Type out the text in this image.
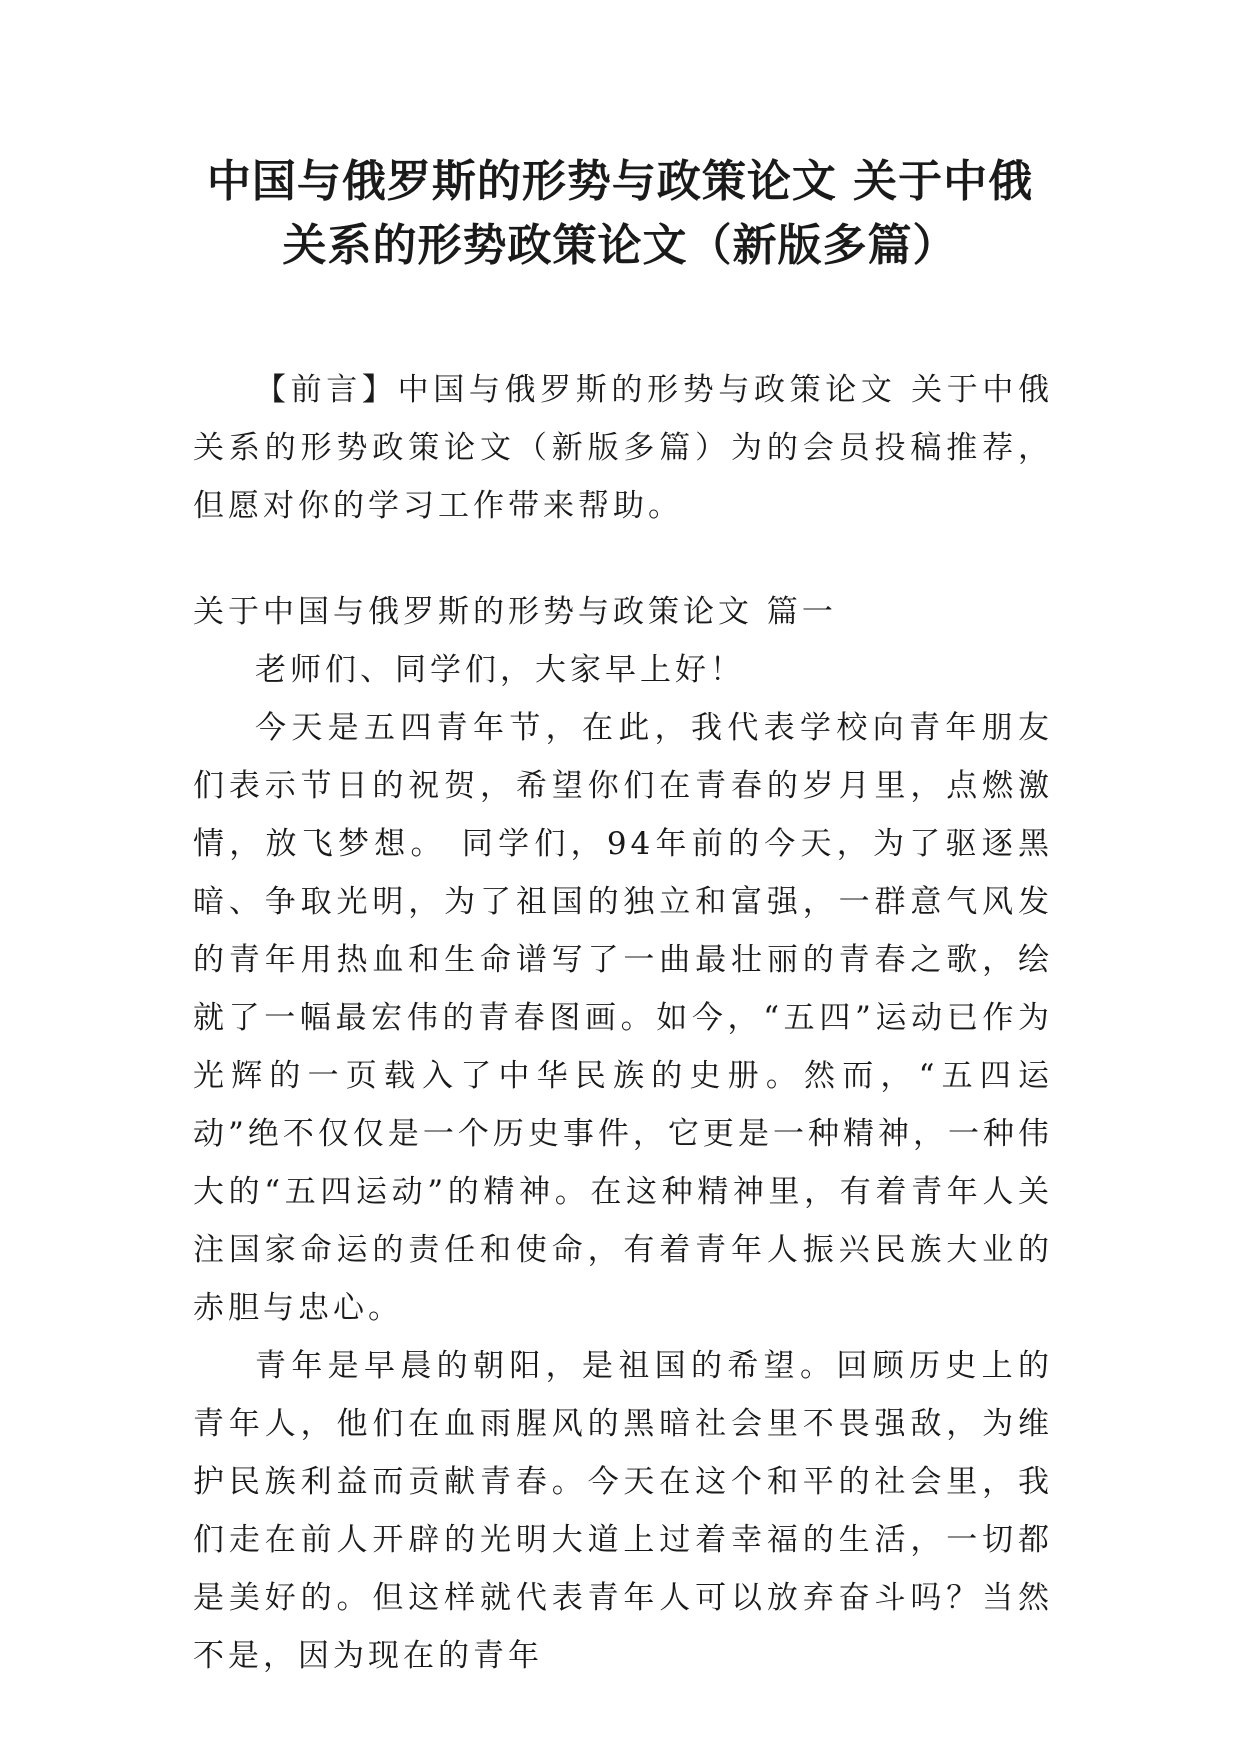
中国与俄罗斯的形势与政策论文 关于中俄
关系的形势政策论文（新版多篇）

【前言】中国与俄罗斯的形势与政策论文 关于中俄关系的形势政策论文（新版多篇）为的会员投稿推荐，但愿对你的学习工作带来帮助。

关于中国与俄罗斯的形势与政策论文 篇一

老师们、同学们，大家早上好！

今天是五四青年节，在此，我代表学校向青年朋友们表示节日的祝贺，希望你们在青春的岁月里，点燃激情，放飞梦想。 同学们，94年前的今天，为了驱逐黑暗、争取光明，为了祖国的独立和富强，一群意气风发的青年用热血和生命谱写了一曲最壮丽的青春之歌，绘就了一幅最宏伟的青春图画。如今，“五四”运动已作为光辉的一页载入了中华民族的史册。然而，“五四运动”绝不仅仅是一个历史事件，它更是一种精神，一种伟大的“五四运动”的精神。在这种精神里，有着青年人关注国家命运的责任和使命，有着青年人振兴民族大业的赤胆与忠心。

青年是早晨的朝阳，是祖国的希望。回顾历史上的青年人，他们在血雨腥风的黑暗社会里不畏强敌，为维护民族利益而贡献青春。今天在这个和平的社会里，我们走在前人开辟的光明大道上过着幸福的生活，一切都是美好的。但这样就代表青年人可以放弃奋斗吗？当然不是，因为现在的青年
